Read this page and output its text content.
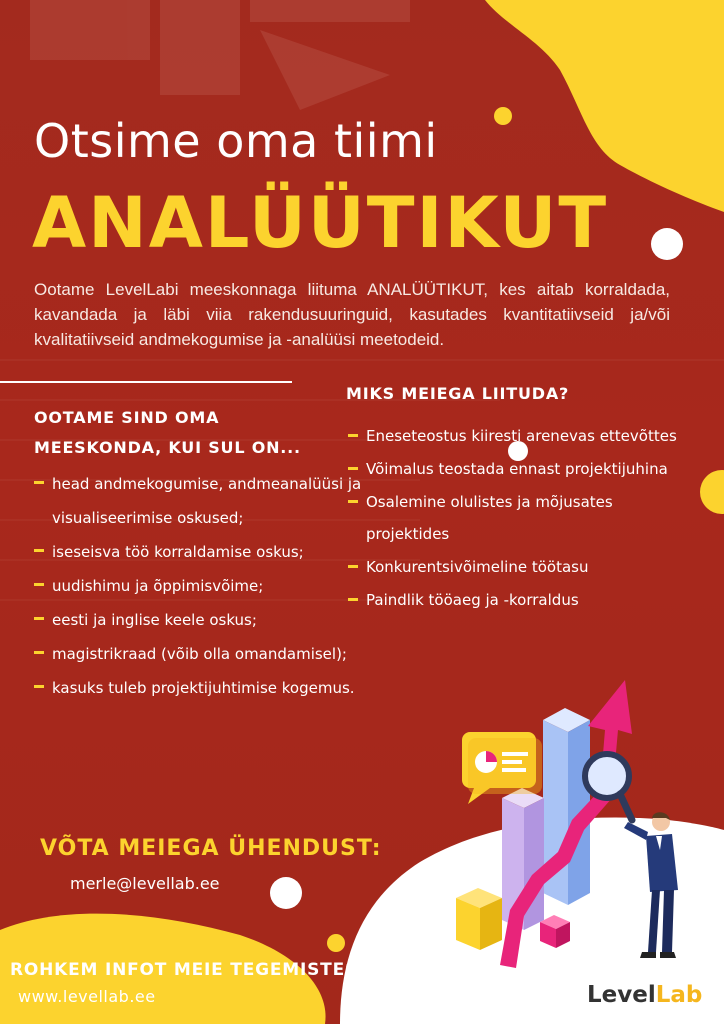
Otsime oma tiimi
ANALÜÜTIKUT
Ootame LevelLabi meeskonnaga liituma ANALÜÜTIKUT, kes aitab korraldada, kavandada ja läbi viia rakendusuuringuid, kasutades kvantitatiivseid ja/või kvalitatiivseid andmekogumise ja -analüüsi meetodeid.
OOTAME SIND OMA MEESKONDA, KUI SUL ON...
head andmekogumise, andmeanalüüsi ja visualiseerimise oskused;
iseseisva töö korraldamise oskus;
uudishimu ja õppimisvõime;
eesti ja inglise keele oskus;
magistrikraad (võib olla omandamisel);
kasuks tuleb projektijuhtimise kogemus.
MIKS MEIEGA LIITUDA?
Eneseteostus kiiresti arenevas ettevõttes
Võimalus teostada ennast projektijuhina
Osalemine olulistes ja mõjusates projektides
Konkurentsivõimeline töötasu
Paindlik tööaeg ja -korraldus
VÕTA MEIEGA ÜHENDUST:
merle@levellab.ee
ROHKEM INFOT MEIE TEGEMISTEST:
www.levellab.ee	LevelLab
